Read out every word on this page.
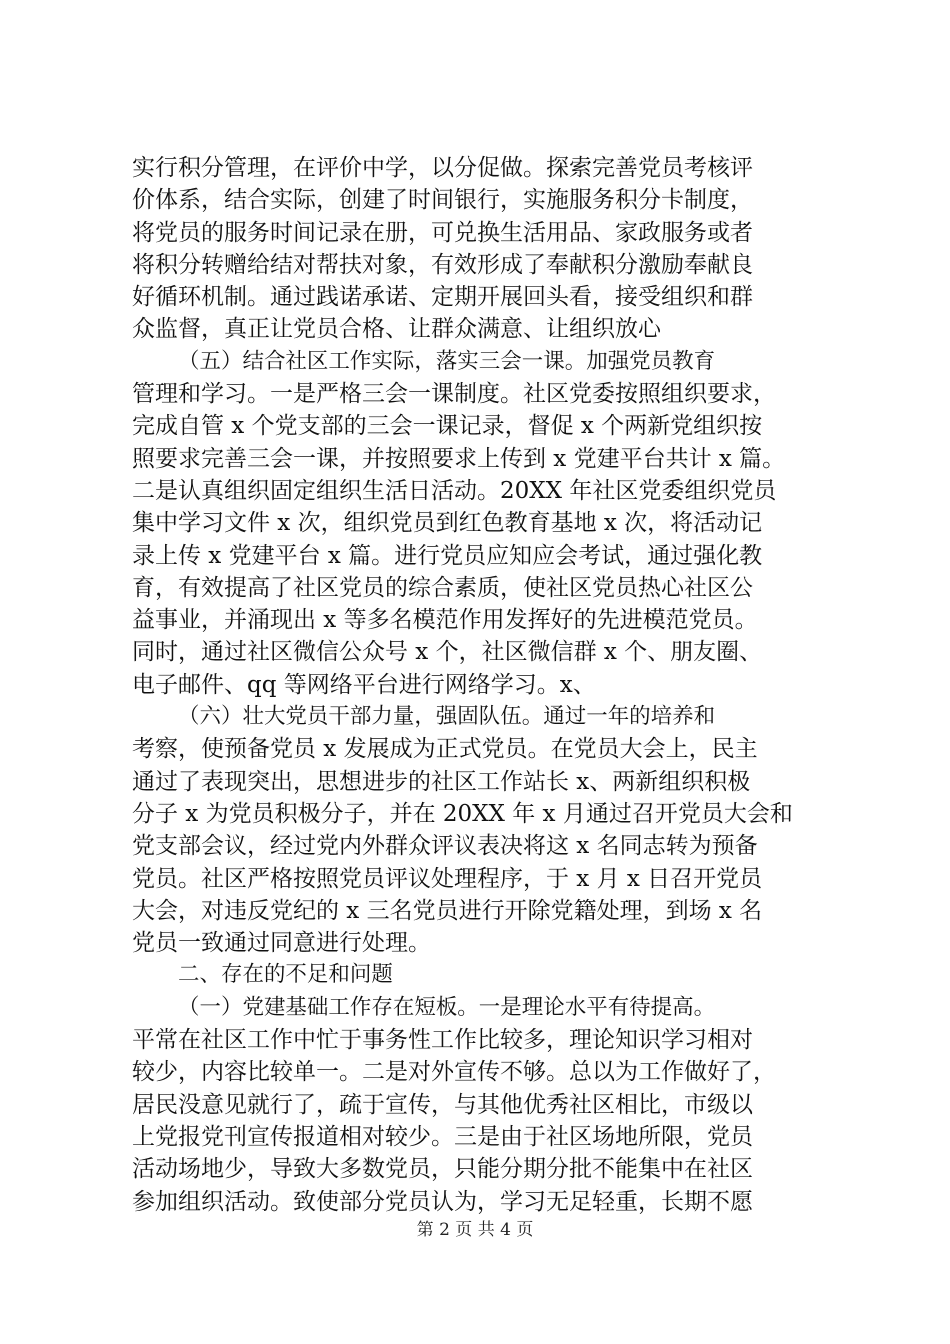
实行积分管理，在评价中学，以分促做。探索完善党员考核评
价体系，结合实际，创建了时间银行，实施服务积分卡制度，
将党员的服务时间记录在册，可兑换生活用品、家政服务或者
将积分转赠给结对帮扶对象，有效形成了奉献积分激励奉献良
好循环机制。通过践诺承诺、定期开展回头看，接受组织和群
众监督，真正让党员合格、让群众满意、让组织放心
（五）结合社区工作实际，落实三会一课。加强党员教育
管理和学习。一是严格三会一课制度。社区党委按照组织要求，
完成自管 x 个党支部的三会一课记录，督促 x 个两新党组织按
照要求完善三会一课，并按照要求上传到 x 党建平台共计 x 篇。
二是认真组织固定组织生活日活动。20XX 年社区党委组织党员
集中学习文件 x 次，组织党员到红色教育基地 x 次，将活动记
录上传 x 党建平台 x 篇。进行党员应知应会考试，通过强化教
育，有效提高了社区党员的综合素质，使社区党员热心社区公
益事业，并涌现出 x 等多名模范作用发挥好的先进模范党员。
同时，通过社区微信公众号 x 个，社区微信群 x 个、朋友圈、
电子邮件、qq 等网络平台进行网络学习。x、
（六）壮大党员干部力量，强固队伍。通过一年的培养和
考察，使预备党员 x 发展成为正式党员。在党员大会上，民主
通过了表现突出，思想进步的社区工作站长 x、两新组织积极
分子 x 为党员积极分子，并在 20XX 年 x 月通过召开党员大会和
党支部会议，经过党内外群众评议表决将这 x 名同志转为预备
党员。社区严格按照党员评议处理程序，于 x 月 x 日召开党员
大会，对违反党纪的 x 三名党员进行开除党籍处理，到场 x 名
党员一致通过同意进行处理。
二、存在的不足和问题
（一）党建基础工作存在短板。一是理论水平有待提高。
平常在社区工作中忙于事务性工作比较多，理论知识学习相对
较少，内容比较单一。二是对外宣传不够。总以为工作做好了，
居民没意见就行了，疏于宣传，与其他优秀社区相比，市级以
上党报党刊宣传报道相对较少。三是由于社区场地所限，党员
活动场地少，导致大多数党员，只能分期分批不能集中在社区
参加组织活动。致使部分党员认为，学习无足轻重，长期不愿
第 2 页 共 4 页
